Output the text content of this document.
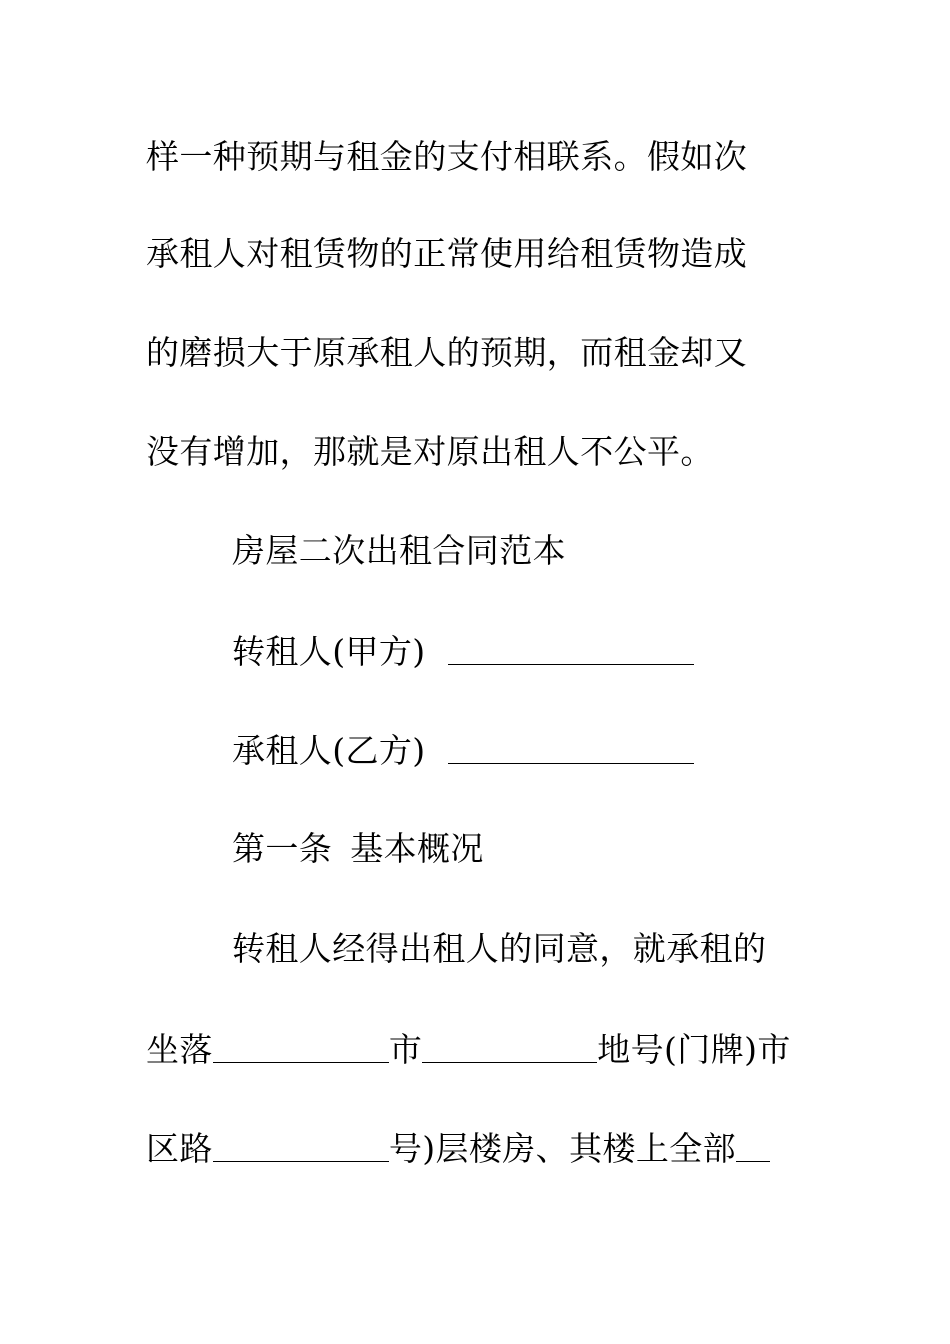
样一种预期与租金的支付相联系。假如次
承租人对租赁物的正常使用给租赁物造成
的磨损大于原承租人的预期，而租金却又
没有增加，那就是对原出租人不公平。
房屋二次出租合同范本
转租人(甲方)
承租人(乙方)
第一条 基本概况
转租人经得出租人的同意，就承租的
坐落	市	地号(门牌)市
区路	号)层楼房、其楼上全部
